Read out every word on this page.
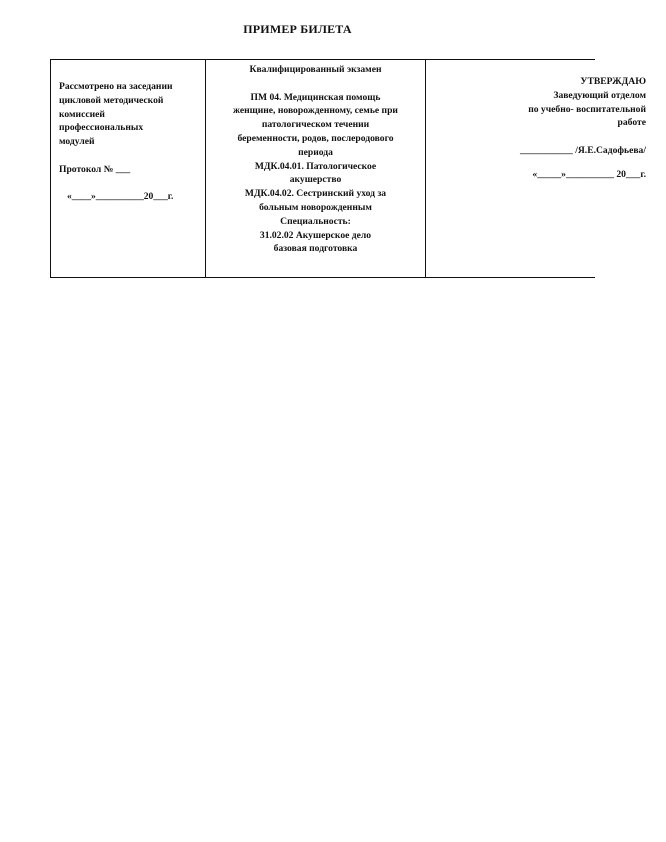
ПРИМЕР БИЛЕТА
Рассмотрено на заседании
цикловой методической
комиссией
профессиональных
модулей
Протокол № ___
«____»__________20___г.
Квалифицированный экзамен
ПМ 04. Медицинская помощь
женщине, новорожденному, семье при
патологическом течении
беременности, родов, послеродового
периода
МДК.04.01. Патологическое
акушерство
МДК.04.02. Сестринский уход за
больным новорожденным
Специальность:
31.02.02 Акушерское дело
базовая подготовка
УТВЕРЖДАЮ
Заведующий отделом
по учебно- воспитательной
работе
___________ /Я.Е.Садофьева/
«_____»__________ 20___г.
